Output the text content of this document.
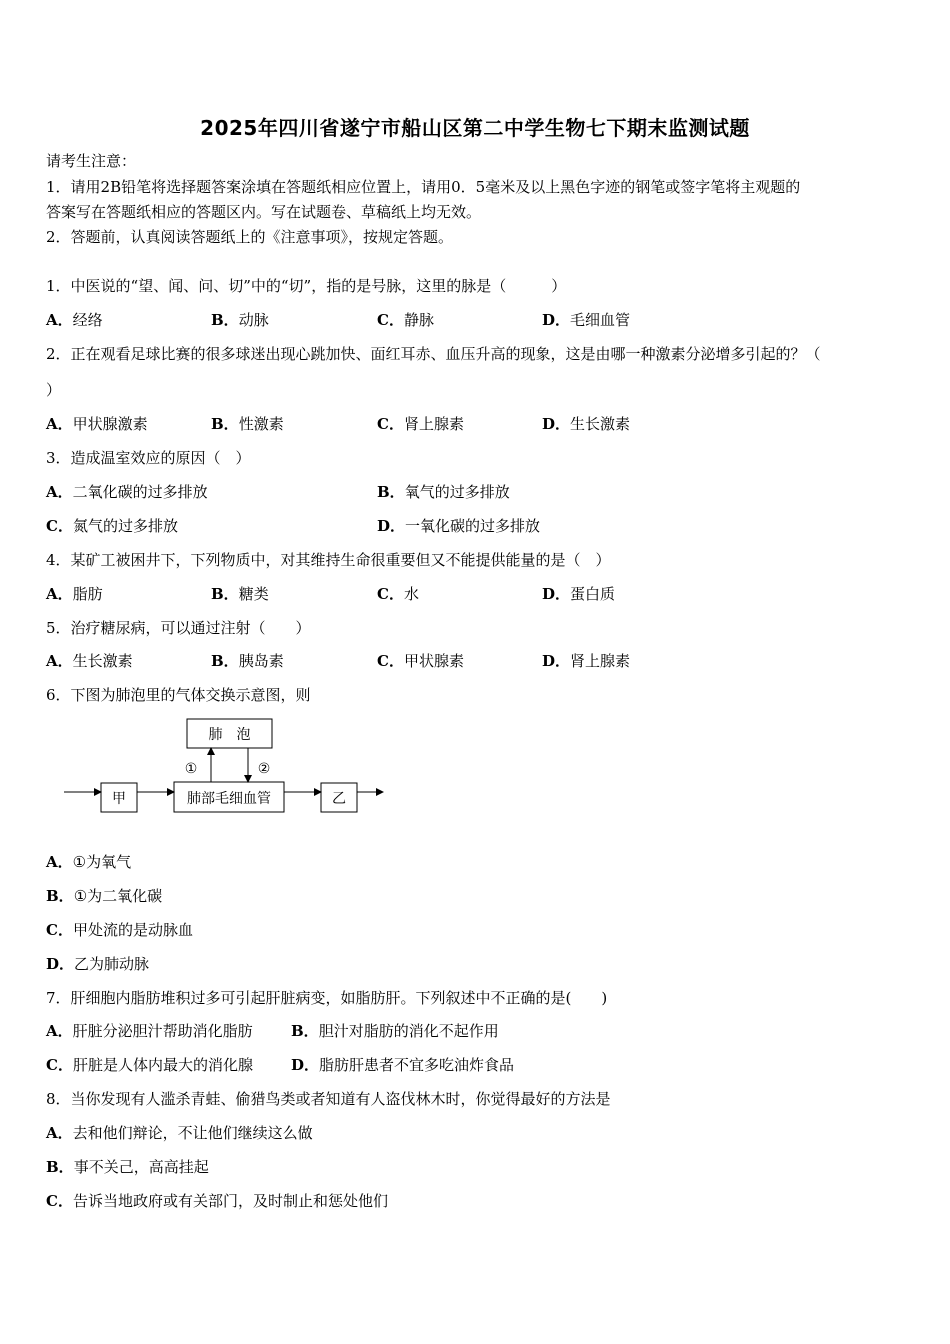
2025年四川省遂宁市船山区第二中学生物七下期末监测试题
请考生注意：
1．请用2B铅笔将选择题答案涂填在答题纸相应位置上，请用0．5毫米及以上黑色字迹的钢笔或签字笔将主观题的
答案写在答题纸相应的答题区内。写在试题卷、草稿纸上均无效。
2．答题前，认真阅读答题纸上的《注意事项》，按规定答题。
1．中医说的“望、闻、问、切”中的“切”，指的是号脉，这里的脉是（　　　）
A．经络	B．动脉	C．静脉	D．毛细血管
2．正在观看足球比赛的很多球迷出现心跳加快、面红耳赤、血压升高的现象，这是由哪一种激素分泌增多引起的？（
）
A．甲状腺激素	B．性激素	C．肾上腺素	D．生长激素
3．造成温室效应的原因（　）
A．二氧化碳的过多排放	B．氧气的过多排放
C．氮气的过多排放	D．一氧化碳的过多排放
4．某矿工被困井下，下列物质中，对其维持生命很重要但又不能提供能量的是（　）
A．脂肪	B．糖类	C．水	D．蛋白质
5．治疗糖尿病，可以通过注射（　　）
A．生长激素	B．胰岛素	C．甲状腺素	D．肾上腺素
6．下图为肺泡里的气体交换示意图，则
肺　泡
肺部毛细血管
甲	乙
①	②
A．①为氧气
B．①为二氧化碳
C．甲处流的是动脉血
D．乙为肺动脉
7．肝细胞内脂肪堆积过多可引起肝脏病变，如脂肪肝。下列叙述中不正确的是(　　)
A．肝脏分泌胆汁帮助消化脂肪	B．胆汁对脂肪的消化不起作用
C．肝脏是人体内最大的消化腺	D．脂肪肝患者不宜多吃油炸食品
8．当你发现有人滥杀青蛙、偷猎鸟类或者知道有人盗伐林木时，你觉得最好的方法是
A．去和他们辩论，不让他们继续这么做
B．事不关己，高高挂起
C．告诉当地政府或有关部门，及时制止和惩处他们
